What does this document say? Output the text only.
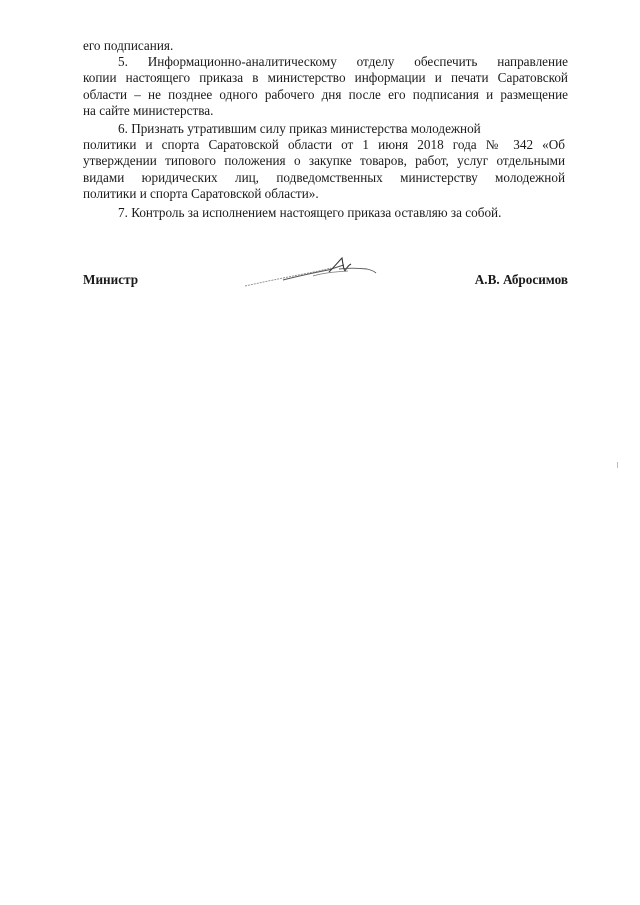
его подписания.

5. Информационно-аналитическому отделу обеспечить направление
копии настоящего приказа в министерство информации и печати Саратовской
области – не позднее одного рабочего дня после его подписания и размещение
на сайте министерства.

6. Признать утратившим силу приказ министерства молодежной
политики и спорта Саратовской области от 1 июня 2018 года № 342 «Об
утверждении типового положения о закупке товаров, работ, услуг отдельными
видами юридических лиц, подведомственных министерству молодежной
политики и спорта Саратовской области».

7. Контроль за исполнением настоящего приказа оставляю за собой.

Министр	А.В. Абросимов
